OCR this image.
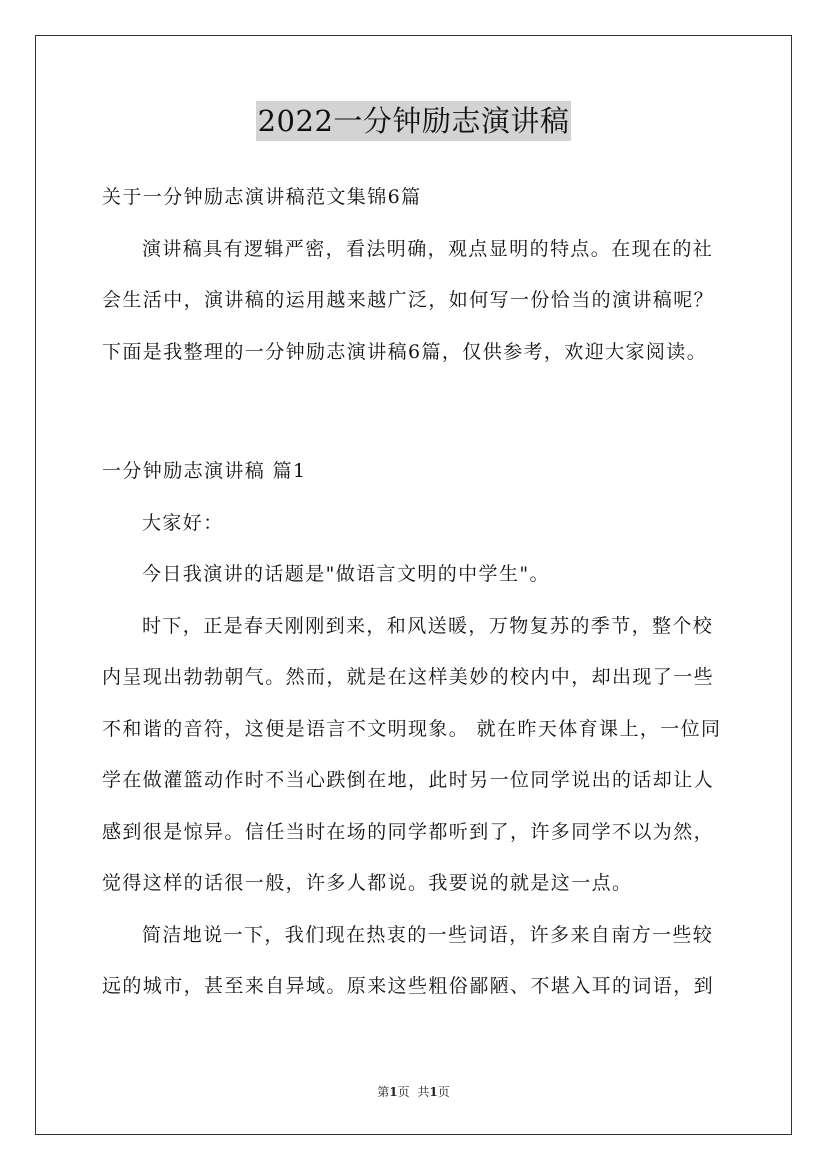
2022一分钟励志演讲稿
关于一分钟励志演讲稿范文集锦6篇
演讲稿具有逻辑严密，看法明确，观点显明的特点。在现在的社
会生活中，演讲稿的运用越来越广泛，如何写一份恰当的演讲稿呢？
下面是我整理的一分钟励志演讲稿6篇，仅供参考，欢迎大家阅读。
一分钟励志演讲稿 篇1
大家好：
今日我演讲的话题是"做语言文明的中学生"。
时下，正是春天刚刚到来，和风送暖，万物复苏的季节，整个校
内呈现出勃勃朝气。然而，就是在这样美妙的校内中，却出现了一些
不和谐的音符，这便是语言不文明现象。 就在昨天体育课上，一位同
学在做灌篮动作时不当心跌倒在地，此时另一位同学说出的话却让人
感到很是惊异。信任当时在场的同学都听到了，许多同学不以为然，
觉得这样的话很一般，许多人都说。我要说的就是这一点。
简洁地说一下，我们现在热衷的一些词语，许多来自南方一些较
远的城市，甚至来自异域。原来这些粗俗鄙陋、不堪入耳的词语，到
第1页 共1页
